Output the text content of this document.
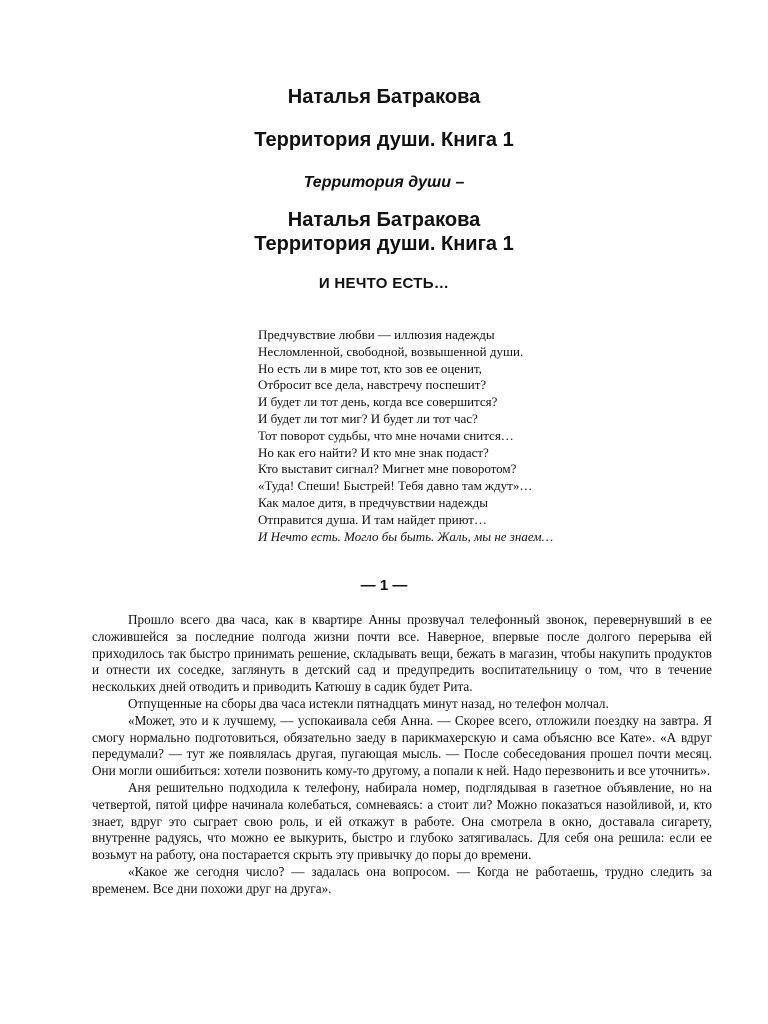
Наталья Батракова
Территория души. Книга 1
Территория души –
Наталья Батракова
Территория души. Книга 1
И НЕЧТО ЕСТЬ…
Предчувствие любви — иллюзия надежды
Несломленной, свободной, возвышенной души.
Но есть ли в мире тот, кто зов ее оценит,
Отбросит все дела, навстречу поспешит?
И будет ли тот день, когда все совершится?
И будет ли тот миг? И будет ли тот час?
Тот поворот судьбы, что мне ночами снится…
Но как его найти? И кто мне знак подаст?
Кто выставит сигнал? Мигнет мне поворотом?
«Туда! Спеши! Быстрей! Тебя давно там ждут»…
Как малое дитя, в предчувствии надежды
Отправится душа. И там найдет приют…
И Нечто есть. Могло бы быть. Жаль, мы не знаем…
— 1 —

Прошло всего два часа, как в квартире Анны прозвучал телефонный звонок, перевернувший в ее сложившейся за последние полгода жизни почти все. Наверное, впервые после долгого перерыва ей приходилось так быстро принимать решение, складывать вещи, бежать в магазин, чтобы накупить продуктов и отнести их соседке, заглянуть в детский сад и предупредить воспитательницу о том, что в течение нескольких дней отводить и приводить Катюшу в садик будет Рита.

Отпущенные на сборы два часа истекли пятнадцать минут назад, но телефон молчал.

«Может, это и к лучшему, — успокаивала себя Анна. — Скорее всего, отложили поездку на завтра. Я смогу нормально подготовиться, обязательно заеду в парикмахерскую и сама объясню все Кате». «А вдруг передумали? — тут же появлялась другая, пугающая мысль. — После собеседования прошел почти месяц. Они могли ошибиться: хотели позвонить кому-то другому, а попали к ней. Надо перезвонить и все уточнить».

Аня решительно подходила к телефону, набирала номер, подглядывая в газетное объявление, но на четвертой, пятой цифре начинала колебаться, сомневаясь: а стоит ли? Можно показаться назойливой, и, кто знает, вдруг это сыграет свою роль, и ей откажут в работе. Она смотрела в окно, доставала сигарету, внутренне радуясь, что можно ее выкурить, быстро и глубоко затягивалась. Для себя она решила: если ее возьмут на работу, она постарается скрыть эту привычку до поры до времени.

«Какое же сегодня число? — задалась она вопросом. — Когда не работаешь, трудно следить за временем. Все дни похожи друг на друга».
